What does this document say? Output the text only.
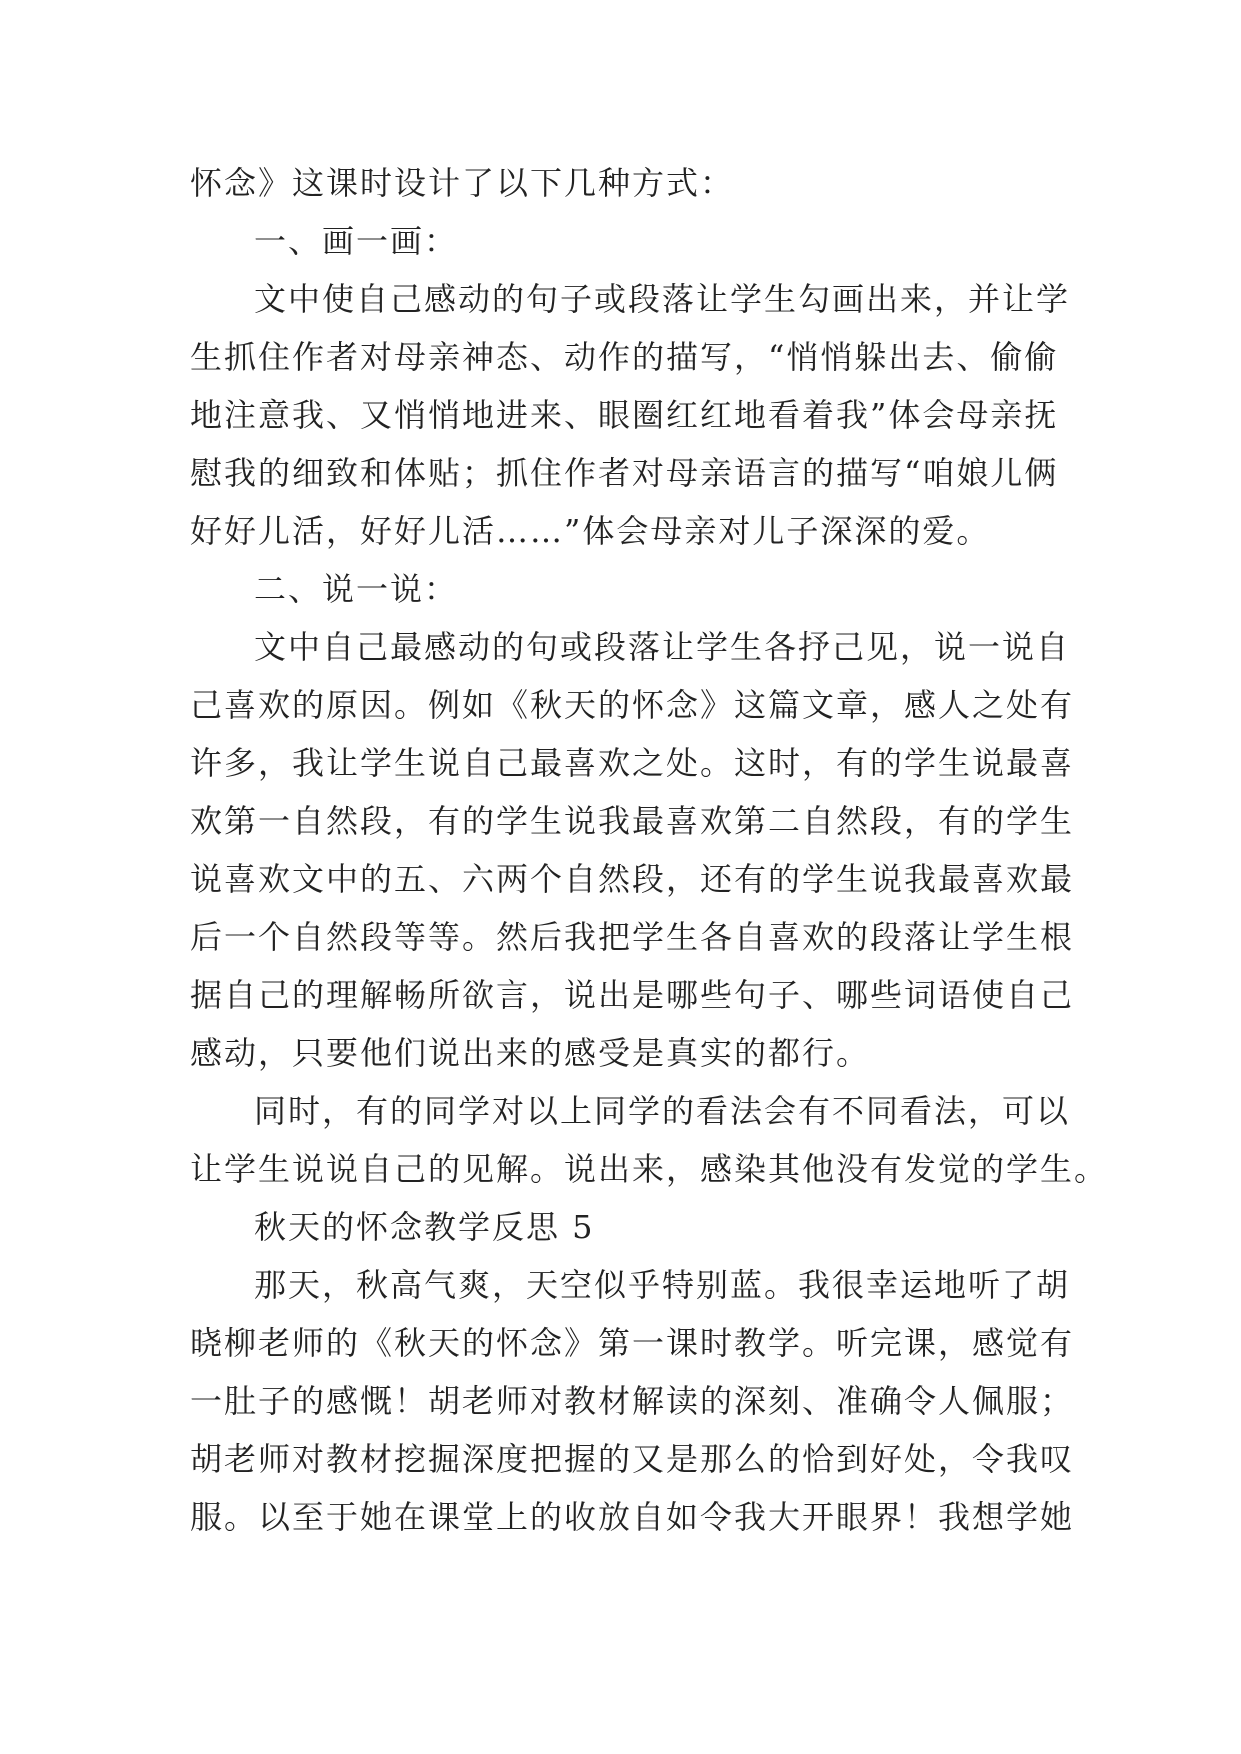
怀念》这课时设计了以下几种方式：
一、画一画：
文中使自己感动的句子或段落让学生勾画出来，并让学
生抓住作者对母亲神态、动作的描写，“悄悄躲出去、偷偷
地注意我、又悄悄地进来、眼圈红红地看着我”体会母亲抚
慰我的细致和体贴；抓住作者对母亲语言的描写“咱娘儿俩
好好儿活，好好儿活……”体会母亲对儿子深深的爱。
二、说一说：
文中自己最感动的句或段落让学生各抒己见，说一说自
己喜欢的原因。例如《秋天的怀念》这篇文章，感人之处有
许多，我让学生说自己最喜欢之处。这时，有的学生说最喜
欢第一自然段，有的学生说我最喜欢第二自然段，有的学生
说喜欢文中的五、六两个自然段，还有的学生说我最喜欢最
后一个自然段等等。然后我把学生各自喜欢的段落让学生根
据自己的理解畅所欲言，说出是哪些句子、哪些词语使自己
感动，只要他们说出来的感受是真实的都行。
同时，有的同学对以上同学的看法会有不同看法，可以
让学生说说自己的见解。说出来，感染其他没有发觉的学生。
秋天的怀念教学反思 5
那天，秋高气爽，天空似乎特别蓝。我很幸运地听了胡
晓柳老师的《秋天的怀念》第一课时教学。听完课，感觉有
一肚子的感慨！胡老师对教材解读的深刻、准确令人佩服；
胡老师对教材挖掘深度把握的又是那么的恰到好处，令我叹
服。以至于她在课堂上的收放自如令我大开眼界！我想学她
